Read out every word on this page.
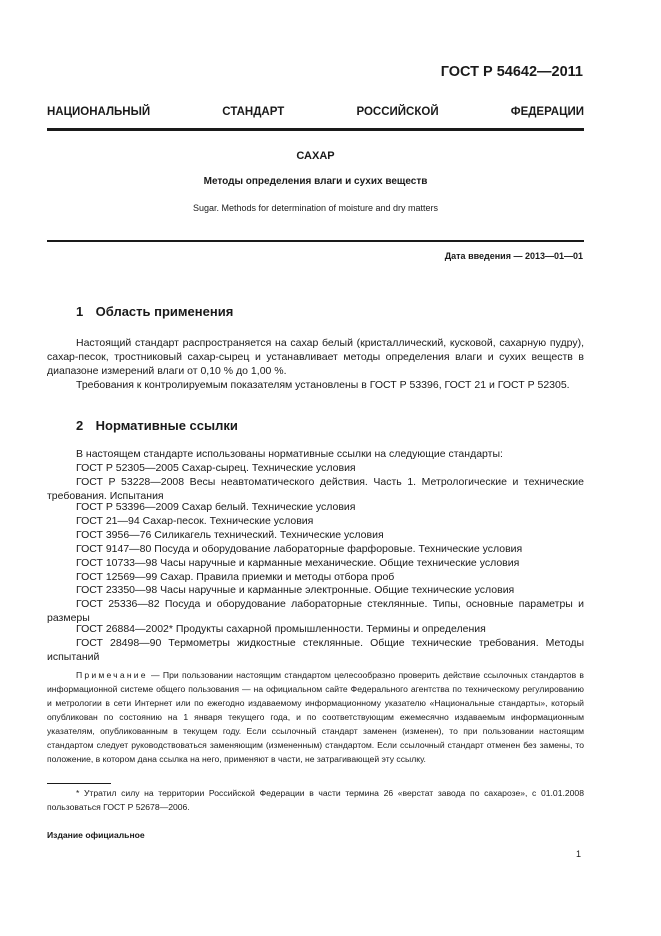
ГОСТ Р 54642—2011
НАЦИОНАЛЬНЫЙ СТАНДАРТ РОССИЙСКОЙ ФЕДЕРАЦИИ
САХАР
Методы определения влаги и сухих веществ
Sugar. Methods for determination of moisture and dry matters
Дата введения — 2013—01—01
1 Область применения
Настоящий стандарт распространяется на сахар белый (кристаллический, кусковой, сахарную пудру), сахар-песок, тростниковый сахар-сырец и устанавливает методы определения влаги и сухих веществ в диапазоне измерений влаги от 0,10 % до 1,00 %.
Требования к контролируемым показателям установлены в ГОСТ Р 53396, ГОСТ 21 и ГОСТ Р 52305.
2 Нормативные ссылки
В настоящем стандарте использованы нормативные ссылки на следующие стандарты:
ГОСТ Р 52305—2005 Сахар-сырец. Технические условия
ГОСТ Р 53228—2008 Весы неавтоматического действия. Часть 1. Метрологические и технические требования. Испытания
ГОСТ Р 53396—2009 Сахар белый. Технические условия
ГОСТ 21—94 Сахар-песок. Технические условия
ГОСТ 3956—76 Силикагель технический. Технические условия
ГОСТ 9147—80 Посуда и оборудование лабораторные фарфоровые. Технические условия
ГОСТ 10733—98 Часы наручные и карманные механические. Общие технические условия
ГОСТ 12569—99 Сахар. Правила приемки и методы отбора проб
ГОСТ 23350—98 Часы наручные и карманные электронные. Общие технические условия
ГОСТ 25336—82 Посуда и оборудование лабораторные стеклянные. Типы, основные параметры и размеры
ГОСТ 26884—2002* Продукты сахарной промышленности. Термины и определения
ГОСТ 28498—90 Термометры жидкостные стеклянные. Общие технические требования. Методы испытаний
Примечание — При пользовании настоящим стандартом целесообразно проверить действие ссылочных стандартов в информационной системе общего пользования — на официальном сайте Федерального агентства по техническому регулированию и метрологии в сети Интернет или по ежегодно издаваемому информационному указателю «Национальные стандарты», который опубликован по состоянию на 1 января текущего года, и по соответствующим ежемесячно издаваемым информационным указателям, опубликованным в текущем году. Если ссылочный стандарт заменен (изменен), то при пользовании настоящим стандартом следует руководствоваться заменяющим (измененным) стандартом. Если ссылочный стандарт отменен без замены, то положение, в котором дана ссылка на него, применяют в части, не затрагивающей эту ссылку.
* Утратил силу на территории Российской Федерации в части термина 26 «верстат завода по сахарозе», с 01.01.2008 пользоваться ГОСТ Р 52678—2006.
Издание официальное
1
